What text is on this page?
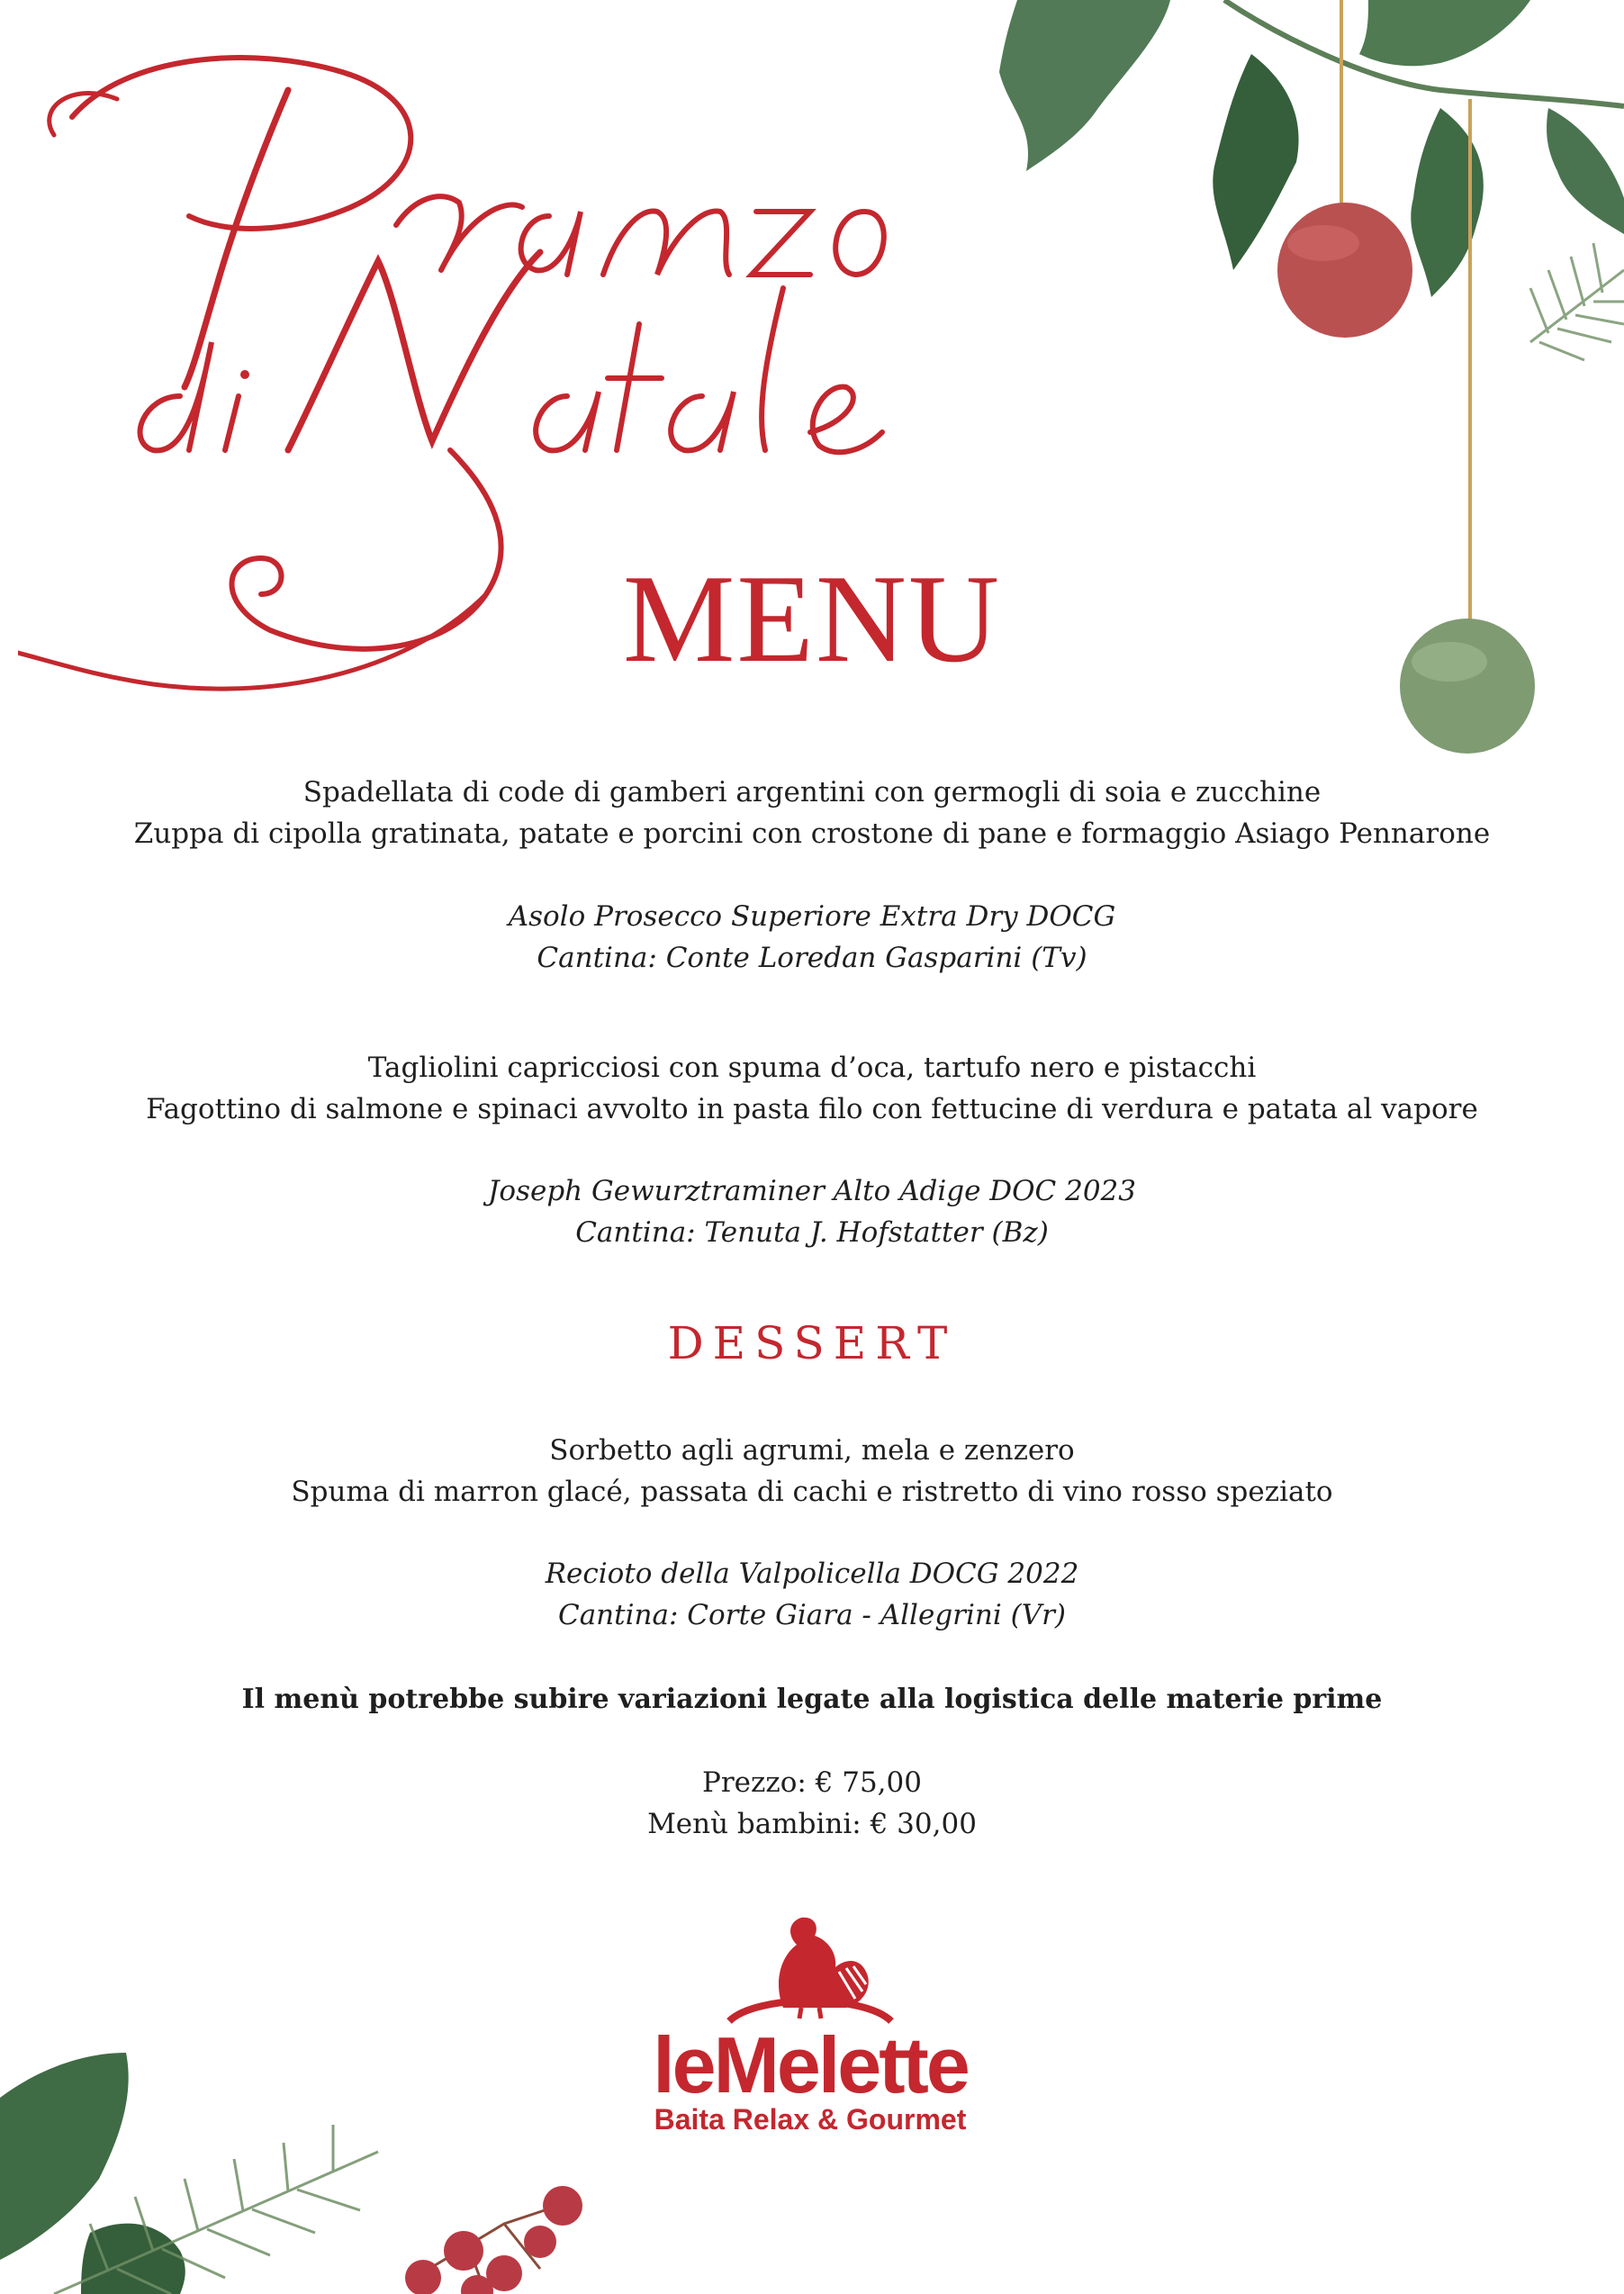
MENU
Spadellata di code di gamberi argentini con germogli di soia e zucchine
Zuppa di cipolla gratinata, patate e porcini con crostone di pane e formaggio Asiago Pennarone
Asolo Prosecco Superiore Extra Dry DOCG
Cantina: Conte Loredan Gasparini (Tv)
Tagliolini capricciosi con spuma d’oca, tartufo nero e pistacchi
Fagottino di salmone e spinaci avvolto in pasta filo con fettucine di verdura e patata al vapore
Joseph Gewurztraminer Alto Adige DOC 2023
Cantina: Tenuta J. Hofstatter (Bz)
DESSERT
Sorbetto agli agrumi, mela e zenzero
Spuma di marron glacé, passata di cachi e ristretto di vino rosso speziato
Recioto della Valpolicella DOCG 2022
Cantina: Corte Giara - Allegrini (Vr)
Il menù potrebbe subire variazioni legate alla logistica delle materie prime
Prezzo: € 75,00
Menù bambini: € 30,00
leMelette
Baita Relax & Gourmet
